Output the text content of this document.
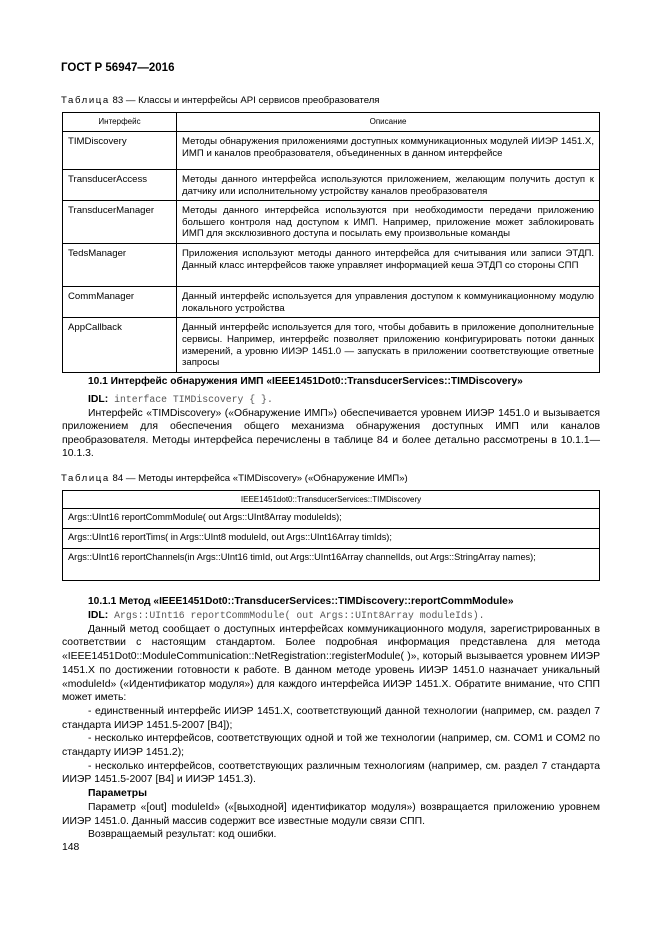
ГОСТ Р 56947—2016
Таблица 83 — Классы и интерфейсы API сервисов преобразователя
Интерфейс	Описание
TIMDiscovery	Методы обнаружения приложениями доступных коммуникационных модулей ИИЭР 1451.X, ИМП и каналов преобразователя, объединенных в данном интерфейсе
TransducerAccess	Методы данного интерфейса используются приложением, желающим получить доступ к датчику или исполнительному устройству каналов преобразователя
TransducerManager	Методы данного интерфейса используются при необходимости передачи приложению большего контроля над доступом к ИМП. Например, приложение может заблокировать ИМП для эксклюзивного доступа и посылать ему произвольные команды
TedsManager	Приложения используют методы данного интерфейса для считывания или записи ЭТДП. Данный класс интерфейсов также управляет информацией кеша ЭТДП со стороны СПП
CommManager	Данный интерфейс используется для управления доступом к коммуникационному модулю локального устройства
AppCallback	Данный интерфейс используется для того, чтобы добавить в приложение дополнительные сервисы. Например, интерфейс позволяет приложению конфигурировать потоки данных измерений, а уровню ИИЭР 1451.0 — запускать в приложении соответствующие ответные запросы
10.1 Интерфейс обнаружения ИМП «IEEE1451Dot0::TransducerServices::TIMDiscovery»
IDL: interface TIMDiscovery { }.
Интерфейс «TIMDiscovery» («Обнаружение ИМП») обеспечивается уровнем ИИЭР 1451.0 и вызывается приложением для обеспечения общего механизма обнаружения доступных ИМП или каналов преобразователя. Методы интерфейса перечислены в таблице 84 и более детально рассмотрены в 10.1.1—10.1.3.
Таблица 84 — Методы интерфейса «TIMDiscovery» («Обнаружение ИМП»)
IEEE1451dot0::TransducerServices::TIMDiscovery
Args::UInt16 reportCommModule( out Args::UInt8Array moduleIds);
Args::UInt16 reportTims( in Args::UInt8 moduleId, out Args::UInt16Array timIds);
Args::UInt16 reportChannels(in Args::UInt16 timId, out Args::UInt16Array channelIds, out Args::StringArray names);
10.1.1 Метод «IEEE1451Dot0::TransducerServices::TIMDiscovery::reportCommModule»

IDL: Args::UInt16 reportCommModule( out Args::UInt8Array moduleIds).

Данный метод сообщает о доступных интерфейсах коммуникационного модуля, зарегистрированных в соответствии с настоящим стандартом. Более подробная информация представлена для метода «IEEE1451Dot0::ModuleCommunication::NetRegistration::registerModule( )», который вызывается уровнем ИИЭР 1451.X по достижении готовности к работе. В данном методе уровень ИИЭР 1451.0 назначает уникальный «moduleId» («Идентификатор модуля») для каждого интерфейса ИИЭР 1451.X. Обратите внимание, что СПП может иметь:

- единственный интерфейс ИИЭР 1451.X, соответствующий данной технологии (например, см. раздел 7 стандарта ИИЭР 1451.5-2007 [В4]);

- несколько интерфейсов, соответствующих одной и той же технологии (например, см. COM1 и COM2 по стандарту ИИЭР 1451.2);

- несколько интерфейсов, соответствующих различным технологиям (например, см. раздел 7 стандарта ИИЭР 1451.5-2007 [В4] и ИИЭР 1451.3).

Параметры

Параметр «[out] moduleId» («[выходной] идентификатор модуля») возвращается приложению уровнем ИИЭР 1451.0. Данный массив содержит все известные модули связи СПП.

Возвращаемый результат: код ошибки.

148
